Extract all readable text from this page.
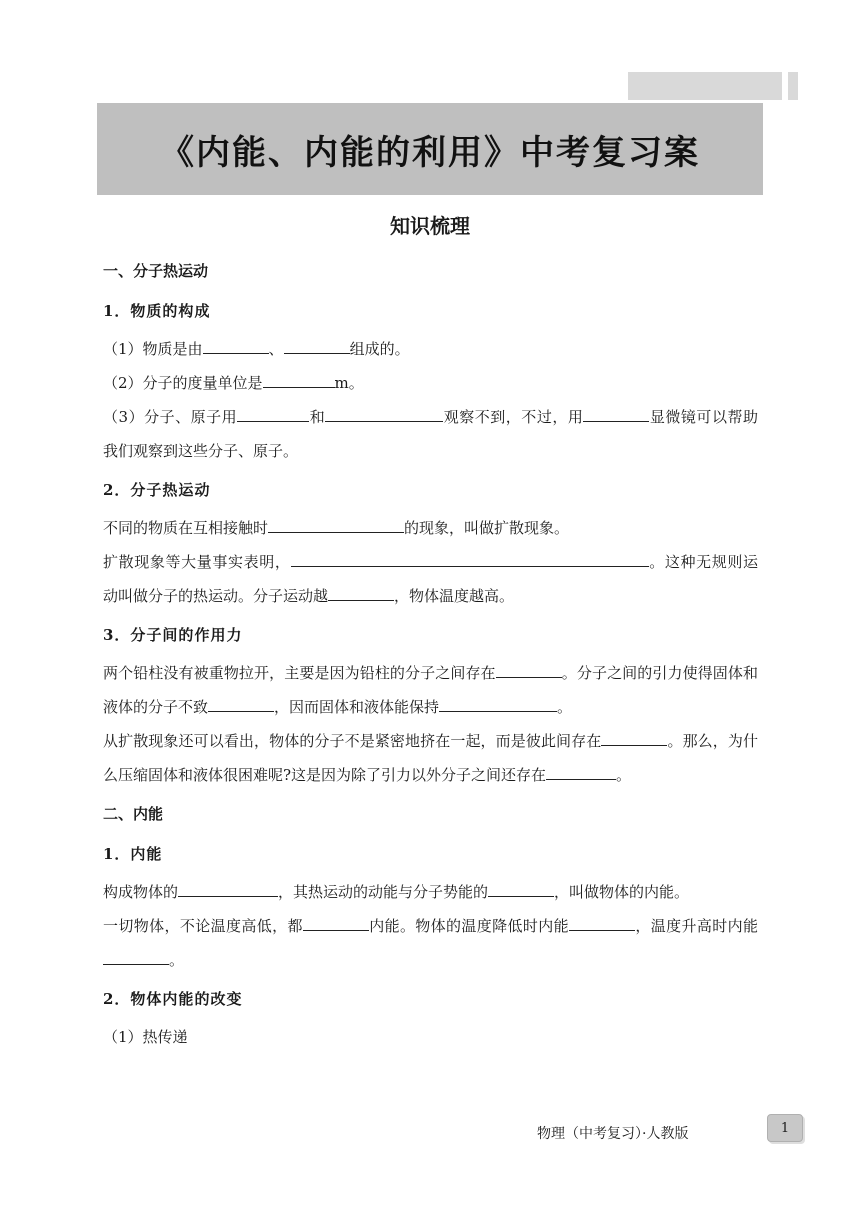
《内能、内能的利用》中考复习案
知识梳理
一、分子热运动
1．物质的构成
（1）物质是由	、	组成的。
（2）分子的度量单位是	m。
（3）分子、原子用	和	观察不到，不过，用	显微镜可以帮助我们观察到这些分子、原子。
2．分子热运动
不同的物质在互相接触时	的现象，叫做扩散现象。
扩散现象等大量事实表明，	。这种无规则运动叫做分子的热运动。分子运动越	，物体温度越高。
3．分子间的作用力
两个铅柱没有被重物拉开，主要是因为铅柱的分子之间存在	。分子之间的引力使得固体和液体的分子不致	，因而固体和液体能保持	。
从扩散现象还可以看出，物体的分子不是紧密地挤在一起，而是彼此间存在	。那么，为什么压缩固体和液体很困难呢?这是因为除了引力以外分子之间还存在	。
二、内能
1．内能
构成物体的	，其热运动的动能与分子势能的	，叫做物体的内能。
一切物体，不论温度高低，都	内能。物体的温度降低时内能	，温度升高时内能。
2．物体内能的改变
（1）热传递
物理（中考复习）·人教版	1
